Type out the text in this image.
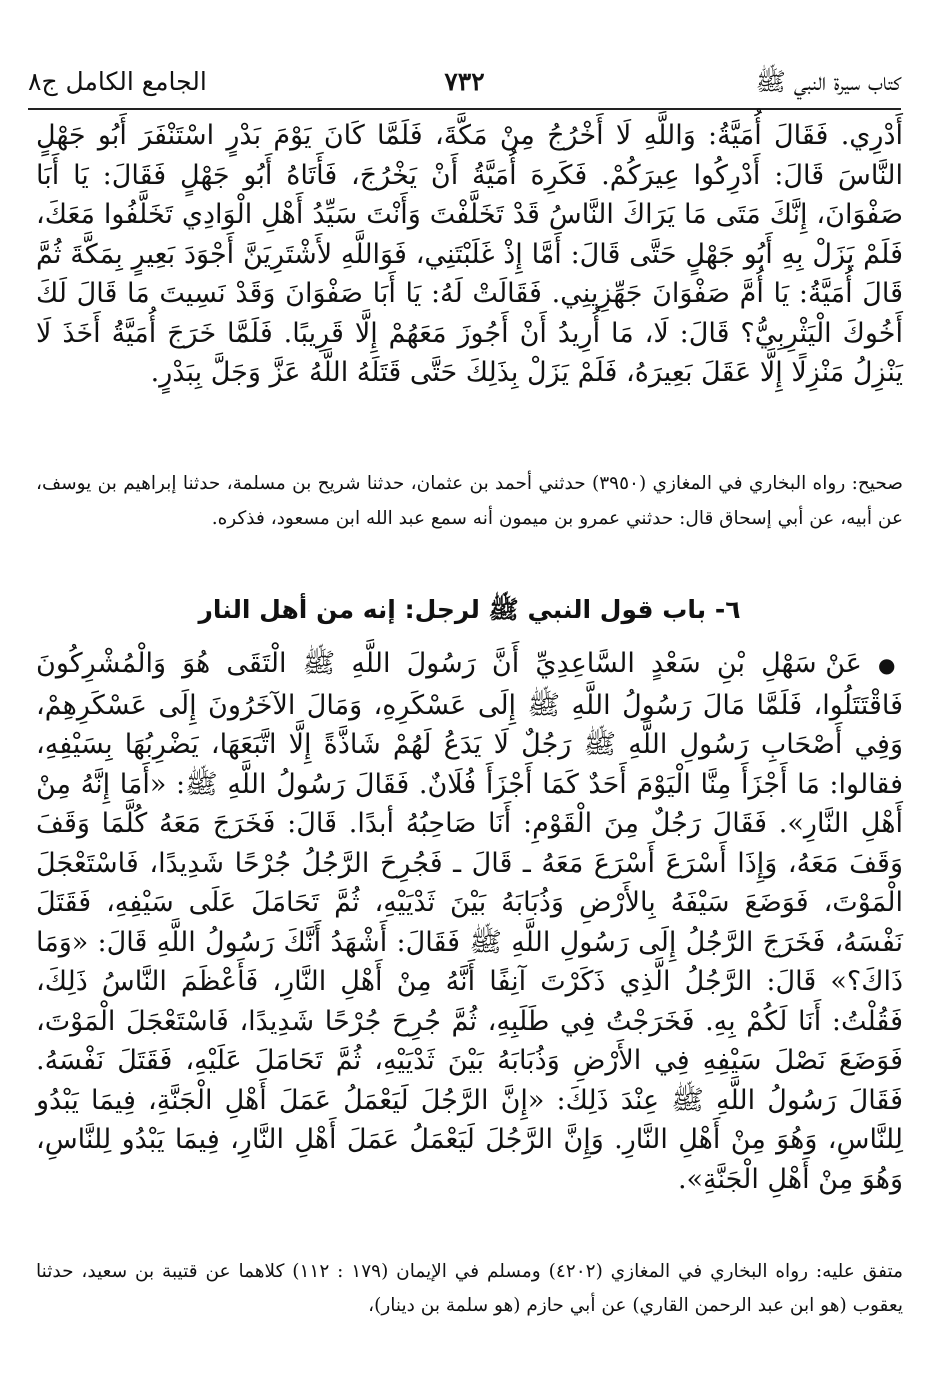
كتاب سيرة النبي ﷺ
٧٣٢
الجامع الكامل ج٨

أَدْرِي. فَقَالَ أُمَيَّةُ: وَاللَّهِ لَا أَخْرُجُ مِنْ مَكَّةَ، فَلَمَّا كَانَ يَوْمَ بَدْرٍ اسْتَنْفَرَ أَبُو جَهْلٍ النَّاسَ قَالَ: أَدْرِكُوا عِيرَكُمْ. فَكَرِهَ أُمَيَّةُ أَنْ يَخْرُجَ، فَأَتَاهُ أَبُو جَهْلٍ فَقَالَ: يَا أَبَا صَفْوَانَ، إِنَّكَ مَتَى مَا يَرَاكَ النَّاسُ قَدْ تَخَلَّفْتَ وَأَنْتَ سَيِّدُ أَهْلِ الْوَادِي تَخَلَّفُوا مَعَكَ، فَلَمْ يَزَلْ بِهِ أَبُو جَهْلٍ حَتَّى قَالَ: أَمَّا إِذْ غَلَبْتَنِي، فَوَاللَّهِ لأَشْتَرِيَنَّ أَجْوَدَ بَعِيرٍ بِمَكَّةَ ثُمَّ قَالَ أُمَيَّةُ: يَا أُمَّ صَفْوَانَ جَهِّزِينِي. فَقَالَتْ لَهُ: يَا أَبَا صَفْوَانَ وَقَدْ نَسِيتَ مَا قَالَ لَكَ أَخُوكَ الْيَثْرِبِيُّ؟ قَالَ: لَا، مَا أُرِيدُ أَنْ أَجُوزَ مَعَهُمْ إِلَّا قَرِيبًا. فَلَمَّا خَرَجَ أُمَيَّةُ أَخَذَ لَا يَنْزِلُ مَنْزِلًا إِلَّا عَقَلَ بَعِيرَهُ، فَلَمْ يَزَلْ بِذَلِكَ حَتَّى قَتَلَهُ اللَّهُ عَزَّ وَجَلَّ بِبَدْرٍ.

صحيح: رواه البخاري في المغازي (٣٩٥٠) حدثني أحمد بن عثمان، حدثنا شريح بن مسلمة، حدثنا إبراهيم بن يوسف، عن أبيه، عن أبي إسحاق قال: حدثني عمرو بن ميمون أنه سمع عبد الله ابن مسعود، فذكره.

٦- باب قول النبي ﷺ لرجل: إنه من أهل النار

● عَنْ سَهْلِ بْنِ سَعْدٍ السَّاعِدِيِّ أَنَّ رَسُولَ اللَّهِ ﷺ الْتَقَى هُوَ وَالْمُشْرِكُونَ فَاقْتَتَلُوا، فَلَمَّا مَالَ رَسُولُ اللَّهِ ﷺ إِلَى عَسْكَرِهِ، وَمَالَ الآخَرُونَ إِلَى عَسْكَرِهِمْ، وَفِي أَصْحَابِ رَسُولِ اللَّهِ ﷺ رَجُلٌ لَا يَدَعُ لَهُمْ شَاذَّةً إِلَّا اتَّبَعَهَا، يَضْرِبُهَا بِسَيْفِهِ، فقالوا: مَا أَجْزَأَ مِنَّا الْيَوْمَ أَحَدٌ كَمَا أَجْزَأَ فُلَانٌ. فَقَالَ رَسُولُ اللَّهِ ﷺ: «أَمَا إِنَّهُ مِنْ أَهْلِ النَّارِ». فَقَالَ رَجُلٌ مِنَ الْقَوْمِ: أَنَا صَاحِبُهُ أبدًا. قَالَ: فَخَرَجَ مَعَهُ كُلَّمَا وَقَفَ وَقَفَ مَعَهُ، وَإِذَا أَسْرَعَ أَسْرَعَ مَعَهُ ـ قَالَ ـ فَجُرِحَ الرَّجُلُ جُرْحًا شَدِيدًا، فَاسْتَعْجَلَ الْمَوْتَ، فَوَضَعَ سَيْفَهُ بِالأَرْضِ وَذُبَابَهُ بَيْنَ ثَدْيَيْهِ، ثُمَّ تَحَامَلَ عَلَى سَيْفِهِ، فَقَتَلَ نَفْسَهُ، فَخَرَجَ الرَّجُلُ إِلَى رَسُولِ اللَّهِ ﷺ فَقَالَ: أَشْهَدُ أَنَّكَ رَسُولُ اللَّهِ قَالَ: «وَمَا ذَاكَ؟» قَالَ: الرَّجُلُ الَّذِي ذَكَرْتَ آنِفًا أَنَّهُ مِنْ أَهْلِ النَّارِ، فَأَعْظَمَ النَّاسُ ذَلِكَ، فَقُلْتُ: أَنَا لَكُمْ بِهِ. فَخَرَجْتُ فِي طَلَبِهِ، ثُمَّ جُرِحَ جُرْحًا شَدِيدًا، فَاسْتَعْجَلَ الْمَوْتَ، فَوَضَعَ نَصْلَ سَيْفِهِ فِي الأَرْضِ وَذُبَابَهُ بَيْنَ ثَدْيَيْهِ، ثُمَّ تَحَامَلَ عَلَيْهِ، فَقَتَلَ نَفْسَهُ. فَقَالَ رَسُولُ اللَّهِ ﷺ عِنْدَ ذَلِكَ: «إِنَّ الرَّجُلَ لَيَعْمَلُ عَمَلَ أَهْلِ الْجَنَّةِ، فِيمَا يَبْدُو لِلنَّاسِ، وَهُوَ مِنْ أَهْلِ النَّارِ. وَإِنَّ الرَّجُلَ لَيَعْمَلُ عَمَلَ أَهْلِ النَّارِ، فِيمَا يَبْدُو لِلنَّاسِ، وَهُوَ مِنْ أَهْلِ الْجَنَّةِ».

متفق عليه: رواه البخاري في المغازي (٤٢٠٢) ومسلم في الإيمان (١٧٩ : ١١٢) كلاهما عن قتيبة بن سعيد، حدثنا يعقوب (هو ابن عبد الرحمن القاري) عن أبي حازم (هو سلمة بن دينار)،
